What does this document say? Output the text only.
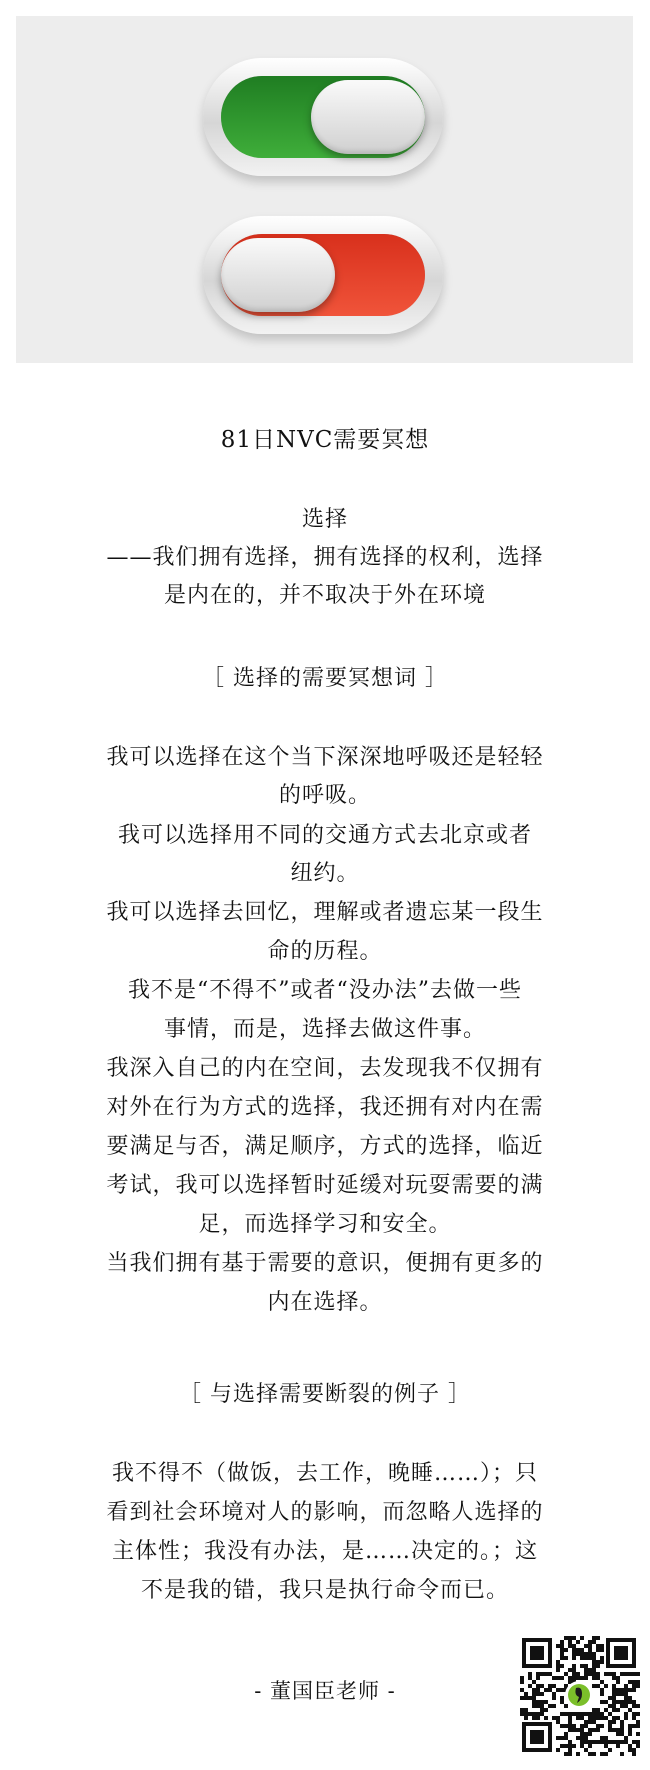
81日NVC需要冥想
选择
——我们拥有选择，拥有选择的权利，选择
是内在的，并不取决于外在环境
［ 选择的需要冥想词 ］
我可以选择在这个当下深深地呼吸还是轻轻
的呼吸。
我可以选择用不同的交通方式去北京或者
纽约。
我可以选择去回忆，理解或者遗忘某一段生
命的历程。
我不是“不得不”或者“没办法”去做一些
事情，而是，选择去做这件事。
我深入自己的内在空间，去发现我不仅拥有
对外在行为方式的选择，我还拥有对内在需
要满足与否，满足顺序，方式的选择，临近
考试，我可以选择暂时延缓对玩耍需要的满
足，而选择学习和安全。
当我们拥有基于需要的意识，便拥有更多的
内在选择。
［ 与选择需要断裂的例子 ］
我不得不（做饭，去工作，晚睡……）；只
看到社会环境对人的影响，而忽略人选择的
主体性；我没有办法，是……决定的。；这
不是我的错，我只是执行命令而已。
- 董国臣老师 -
